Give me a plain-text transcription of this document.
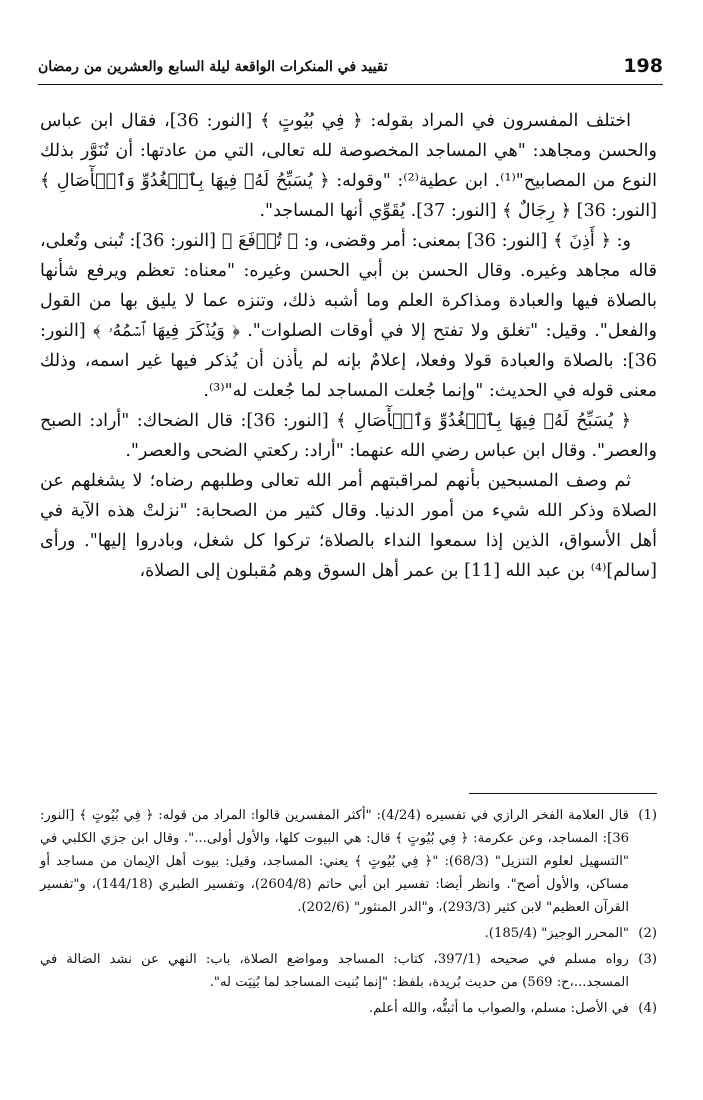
198
تقييد في المنكرات الواقعة ليلة السابع والعشرين من رمضان

اختلف المفسرون في المراد بقوله: ﴿ فِي بُيُوتٍ ﴾ [النور: 36]، فقال ابن عباس والحسن ومجاهد: "هي المساجد المخصوصة لله تعالى، التي من عادتها: أن تُنَوَّر بذلك النوع من المصابيح"⁽¹⁾. ابن عطية⁽²⁾: "وقوله: ﴿ يُسَبِّحُ لَهُۥ فِيهَا بِٱلۡغُدُوِّ وَٱلۡأٓصَالِ ﴾ [النور: 36] ﴿ رِجَالٌ ﴾ [النور: 37]. يُقَوِّي أنها المساجد".

و: ﴿ أَذِنَ ﴾ [النور: 36] بمعنى: أمر وقضى، و: ﴿ تُرۡفَعَ ﴾ [النور: 36]: تُبنى وتُعلى، قاله مجاهد وغيره. وقال الحسن بن أبي الحسن وغيره: "معناه: تعظم ويرفع شأنها بالصلاة فيها والعبادة ومذاكرة العلم وما أشبه ذلك، وتنزه عما لا يليق بها من القول والفعل". وقيل: "تغلق ولا تفتح إلا في أوقات الصلوات". ﴿ وَيُذۡكَرَ فِيهَا ٱسۡمُهُۥ ﴾ [النور: 36]: بالصلاة والعبادة قولا وفعلا، إعلامٌ بإنه لم يأذن أن يُذكر فيها غير اسمه، وذلك معنى قوله في الحديث: "وإنما جُعلت المساجد لما جُعلت له"⁽³⁾.

﴿ يُسَبِّحُ لَهُۥ فِيهَا بِٱلۡغُدُوِّ وَٱلۡأٓصَالِ ﴾ [النور: 36]: قال الضحاك: "أراد: الصبح والعصر". وقال ابن عباس رضي الله عنهما: "أراد: ركعتي الضحى والعصر".

ثم وصف المسبحين بأنهم لمراقبتهم أمر الله تعالى وطلبهم رضاه؛ لا يشغلهم عن الصلاة وذكر الله شيء من أمور الدنيا. وقال كثير من الصحابة: "نزلتْ هذه الآية في أهل الأسواق، الذين إذا سمعوا النداء بالصلاة؛ تركوا كل شغل، وبادروا إليها". ورأى [سالم]⁽⁴⁾ بن عبد الله [11] بن عمر أهل السوق وهم مُقبلون إلى الصلاة،

(1)
قال العلامة الفخر الرازي في تفسيره (4/24): "أكثر المفسرين قالوا: المراد من قوله: ﴿ فِي بُيُوتٍ ﴾ [النور: 36]: المساجد، وعن عكرمة: ﴿ فِي بُيُوتٍ ﴾ قال: هي البيوت كلها، والأول أولى...". وقال ابن جزي الكلبي في "التسهيل لعلوم التنزيل" (68/3): "﴿ فِي بُيُوتٍ ﴾ يعني: المساجد، وقيل: بيوت أهل الإيمان من مساجد أو مساكن، والأول أصح". وانظر أيضا: تفسير ابن أبي حاتم (2604/8)، وتفسير الطبري (144/18)، و"تفسير القرآن العظيم" لابن كثير (293/3)، و"الدر المنثور" (202/6).
(2)
"المحرر الوجيز" (185/4).
(3)
رواه مسلم في صحيحه (397/1، كتاب: المساجد ومواضع الصلاة، باب: النهي عن نشد الضالة في المسجد...،ح: 569) من حديث بُريدة، بلفظ: "إنما بُنيت المساجد لما بُنِيَت له".
(4)
في الأصل: مسلم، والصواب ما أثبتُّه، والله أعلم.
